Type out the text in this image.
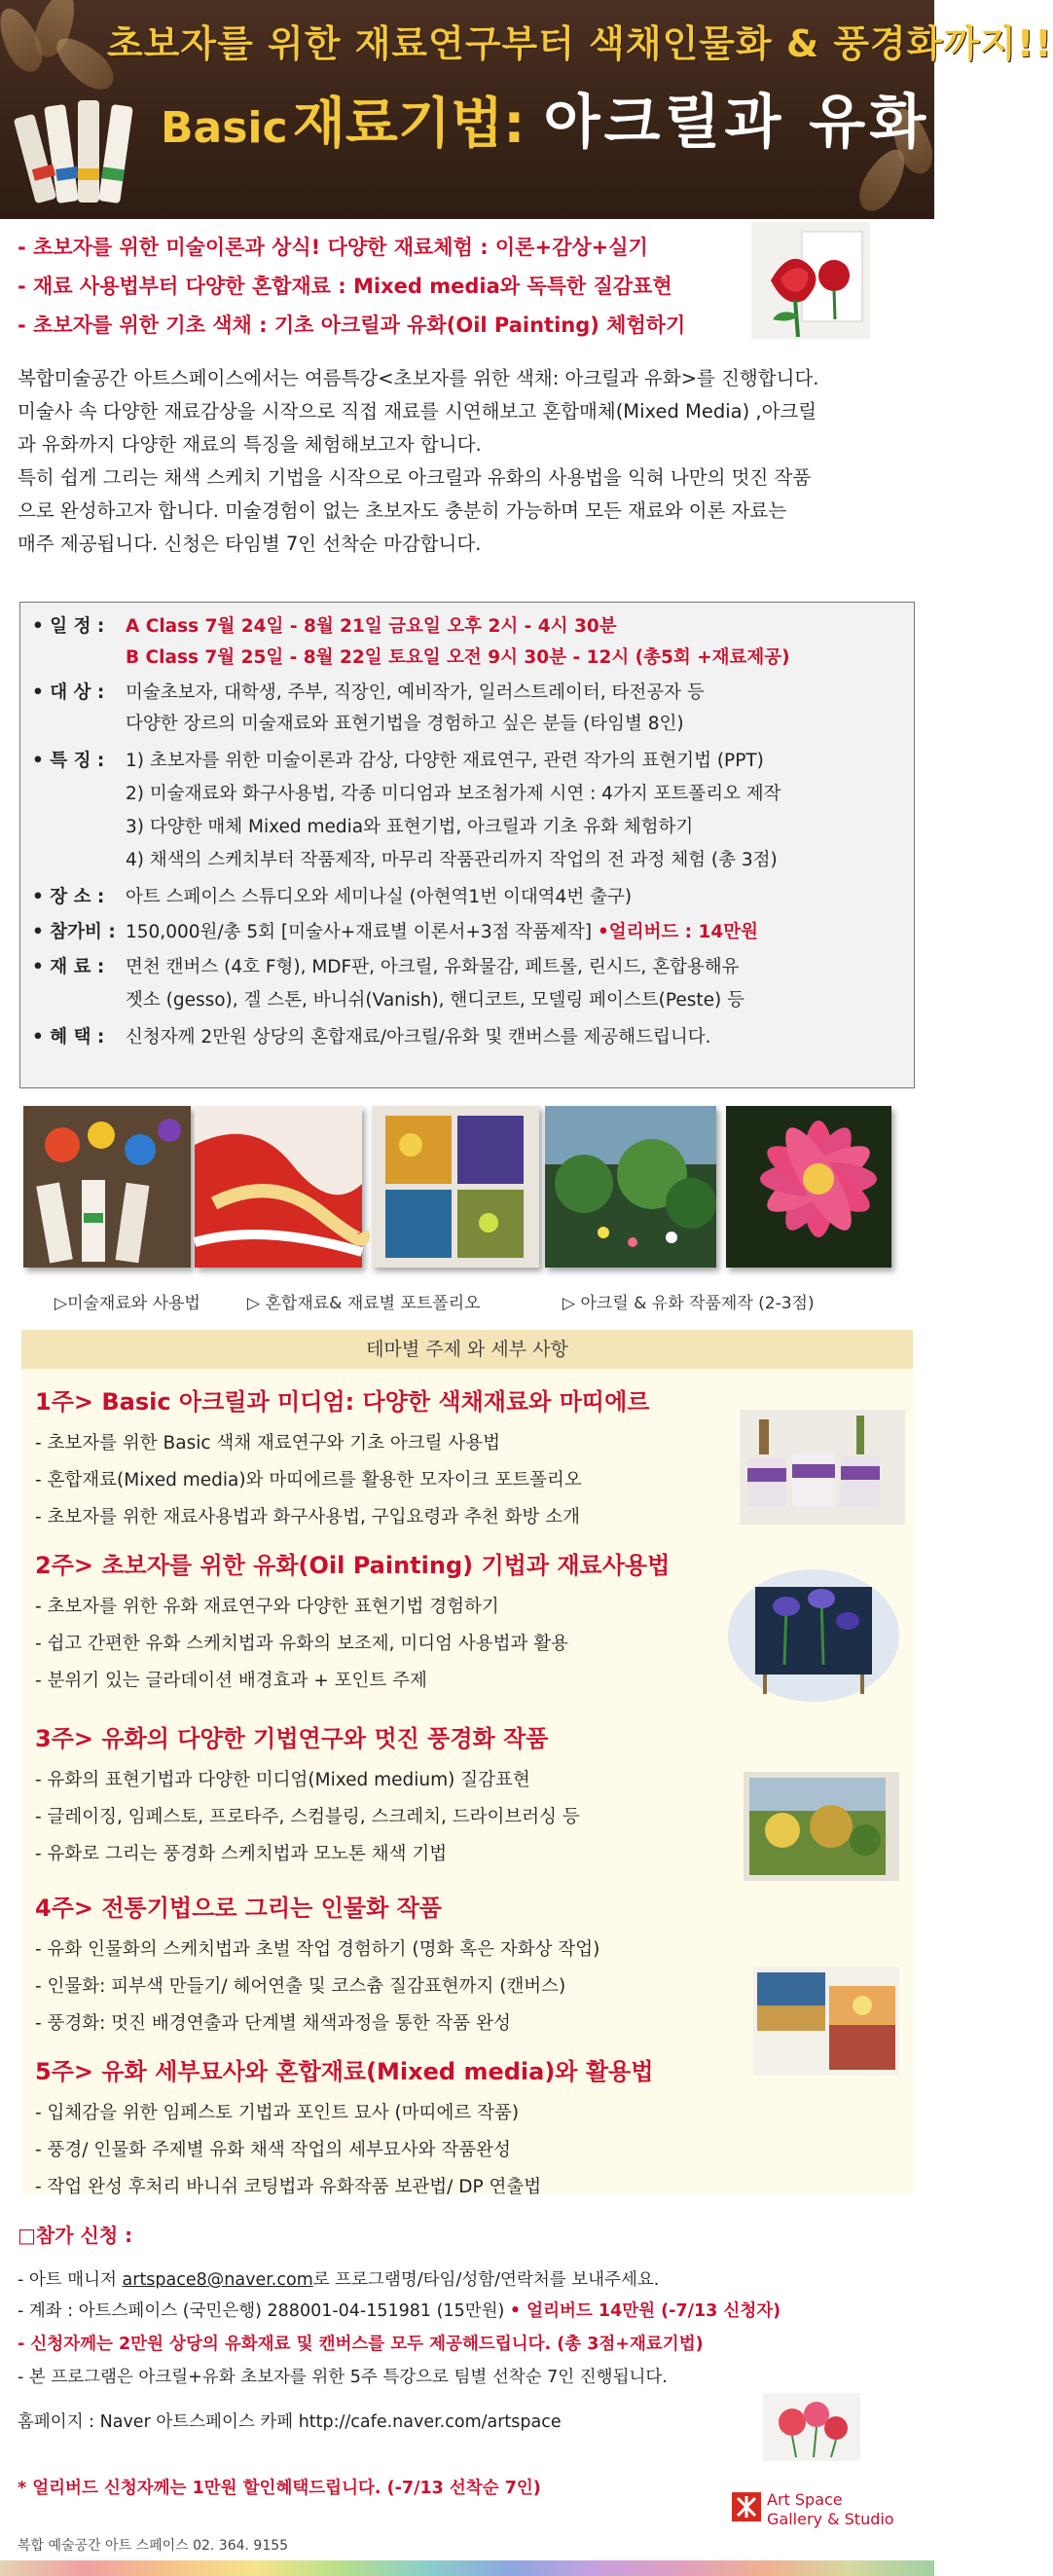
초보자를 위한 재료연구부터 색채인물화 & 풍경화까지!!
Basic 재료기법: 아크릴과 유화
- 초보자를 위한 미술이론과 상식! 다양한 재료체험 : 이론+감상+실기
- 재료 사용법부터 다양한 혼합재료 : Mixed media와 독특한 질감표현
- 초보자를 위한 기초 색채 : 기초 아크릴과 유화(Oil Painting) 체험하기
복합미술공간 아트스페이스에서는 여름특강<초보자를 위한 색채: 아크릴과 유화>를 진행합니다.
미술사 속 다양한 재료감상을 시작으로 직접 재료를 시연해보고 혼합매체(Mixed Media) ,아크릴
과 유화까지 다양한 재료의 특징을 체험해보고자 합니다.
특히 쉽게 그리는 채색 스케치 기법을 시작으로 아크릴과 유화의 사용법을 익혀 나만의 멋진 작품
으로 완성하고자 합니다. 미술경험이 없는 초보자도 충분히 가능하며 모든 재료와 이론 자료는
매주 제공됩니다. 신청은 타임별 7인 선착순 마감합니다.
• 일 정 : A Class 7월 24일 - 8월 21일 금요일 오후 2시 - 4시 30분
B Class 7월 25일 - 8월 22일 토요일 오전 9시 30분 - 12시 (총5회 +재료제공)
• 대 상 : 미술초보자, 대학생, 주부, 직장인, 예비작가, 일러스트레이터, 타전공자 등
다양한 장르의 미술재료와 표현기법을 경험하고 싶은 분들 (타임별 8인)
• 특 징 : 1) 초보자를 위한 미술이론과 감상, 다양한 재료연구, 관련 작가의 표현기법 (PPT)
2) 미술재료와 화구사용법, 각종 미디엄과 보조첨가제 시연 : 4가지 포트폴리오 제작
3) 다양한 매체 Mixed media와 표현기법, 아크릴과 기초 유화 체험하기
4) 채색의 스케치부터 작품제작, 마무리 작품관리까지 작업의 전 과정 체험 (총 3점)
• 장 소 : 아트 스페이스 스튜디오와 세미나실 (아현역1번 이대역4번 출구)
• 참가비 : 150,000원/총 5회 [미술사+재료별 이론서+3점 작품제작] •얼리버드 : 14만원
• 재 료 : 면천 캔버스 (4호 F형), MDF판, 아크릴, 유화물감, 페트롤, 린시드, 혼합용해유
젯소 (gesso), 겔 스톤, 바니쉬(Vanish), 핸디코트, 모델링 페이스트(Peste) 등
• 혜 택 : 신청자께 2만원 상당의 혼합재료/아크릴/유화 및 캔버스를 제공해드립니다.
▷미술재료와 사용법	▷ 혼합재료& 재료별 포트폴리오	▷ 아크릴 & 유화 작품제작 (2-3점)
테마별 주제 와 세부 사항
1주> Basic 아크릴과 미디엄: 다양한 색채재료와 마띠에르
- 초보자를 위한 Basic 색채 재료연구와 기초 아크릴 사용법
- 혼합재료(Mixed media)와 마띠에르를 활용한 모자이크 포트폴리오
- 초보자를 위한 재료사용법과 화구사용법, 구입요령과 추천 화방 소개
2주> 초보자를 위한 유화(Oil Painting) 기법과 재료사용법
- 초보자를 위한 유화 재료연구와 다양한 표현기법 경험하기
- 쉽고 간편한 유화 스케치법과 유화의 보조제, 미디엄 사용법과 활용
- 분위기 있는 글라데이션 배경효과 + 포인트 주제
3주> 유화의 다양한 기법연구와 멋진 풍경화 작품
- 유화의 표현기법과 다양한 미디엄(Mixed medium) 질감표현
- 글레이징, 임페스토, 프로타주, 스컴블링, 스크레치, 드라이브러싱 등
- 유화로 그리는 풍경화 스케치법과 모노톤 채색 기법
4주> 전통기법으로 그리는 인물화 작품
- 유화 인물화의 스케치법과 초벌 작업 경험하기 (명화 혹은 자화상 작업)
- 인물화: 피부색 만들기/ 헤어연출 및 코스츔 질감표현까지 (캔버스)
- 풍경화: 멋진 배경연출과 단계별 채색과정을 통한 작품 완성
5주> 유화 세부묘사와 혼합재료(Mixed media)와 활용법
- 입체감을 위한 임페스토 기법과 포인트 묘사 (마띠에르 작품)
- 풍경/ 인물화 주제별 유화 채색 작업의 세부묘사와 작품완성
- 작업 완성 후처리 바니쉬 코팅법과 유화작품 보관법/ DP 연출법
□참가 신청 :
- 아트 매니저 artspace8@naver.com로 프로그램명/타임/성함/연락처를 보내주세요.
- 계좌 : 아트스페이스 (국민은행) 288001-04-151981 (15만원) • 얼리버드 14만원 (-7/13 신청자)
- 신청자께는 2만원 상당의 유화재료 및 캔버스를 모두 제공해드립니다. (총 3점+재료기법)
- 본 프로그램은 아크릴+유화 초보자를 위한 5주 특강으로 팀별 선착순 7인 진행됩니다.
홈페이지 : Naver 아트스페이스 카페 http://cafe.naver.com/artspace
* 얼리버드 신청자께는 1만원 할인혜택드립니다. (-7/13 선착순 7인)
Art Space
Gallery & Studio
복합 예술공간 아트 스페이스 02. 364. 9155
